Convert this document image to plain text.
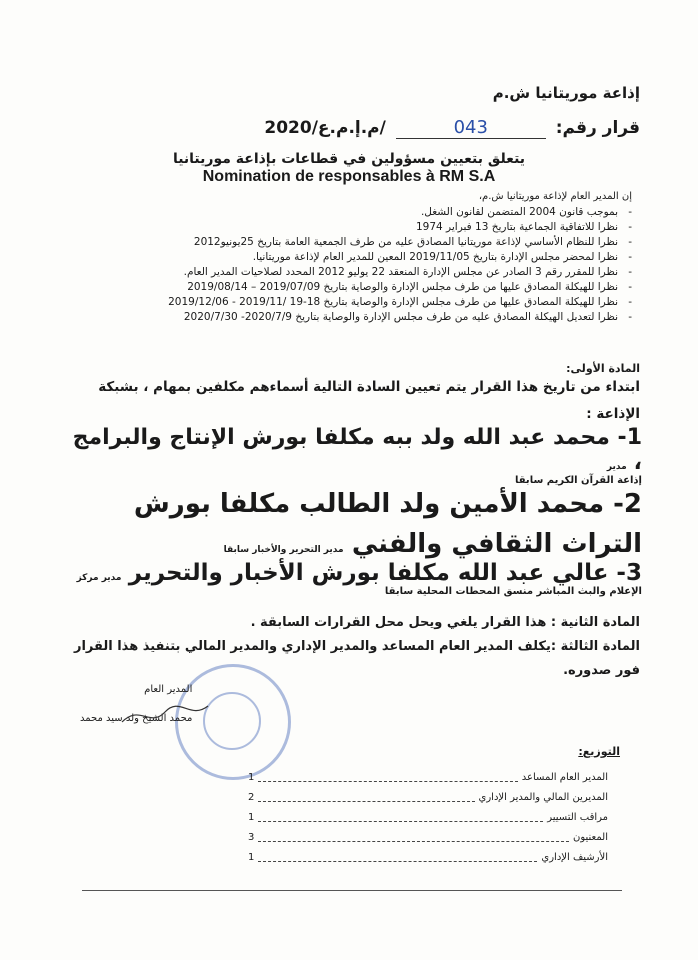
إذاعة موريتانيا ش.م
قرار رقم: 043 /م.إ.م.ع/2020
يتعلق بتعيين مسؤولين في قطاعات بإذاعة موريتانيا
Nomination de responsables à RM S.A
إن المدير العام لإذاعة موريتانيا ش.م،
- بموجب قانون 2004 المتضمن لقانون الشغل.
- نظرا للاتفاقية الجماعية بتاريخ 13 فبراير 1974
- نظرا للنظام الأساسي لإذاعة موريتانيا المصادق عليه من طرف الجمعية العامة بتاريخ 25يونيو2012
- نظرا لمحضر مجلس الإدارة بتاريخ 2019/11/05 المعين للمدير العام لإذاعة موريتانيا.
- نظرا للمقرر رقم 3 الصادر عن مجلس الإدارة المنعقد 22 يوليو 2012 المحدد لصلاحيات المدير العام.
- نظرا للهيكلة المصادق عليها من طرف مجلس الإدارة والوصاية بتاريخ 2019/07/09 – 2019/08/14
- نظرا للهيكلة المصادق عليها من طرف مجلس الإدارة والوصاية بتاريخ 18-19 /2019/11 - 2019/12/06
- نظرا لتعديل الهيكلة المصادق عليه من طرف مجلس الإدارة والوصاية بتاريخ 2020/7/9- 2020/7/30
المادة الأولى:
ابتداء من تاريخ هذا القرار يتم تعيين السادة التالية أسماءهم مكلفين بمهام ، بشبكة الإذاعة :
1- محمد عبد الله ولد ببه مكلفا بورش الإنتاج والبرامج ، مدير
إذاعة القرآن الكريم سابقا
2- محمد الأمين ولد الطالب مكلفا بورش التراث الثقافي والفني مدير التحرير والأخبار سابقا
3- عالي عبد الله مكلفا بورش الأخبار والتحرير مدير مركز
الإعلام والبث المباشر منسق المحطات المحلية سابقا
المادة الثانية : هذا القرار يلغي ويحل محل القرارات السابقة .
المادة الثالثة :يكلف المدير العام المساعد والمدير الإداري والمدير المالي بتنفيذ هذا القرار فور صدوره.
المدير العام
محمد الشيخ ولد سيد محمد
التوزيع:
المدير العام المساعد
1
المديرين المالي والمدير الإداري
2
مراقب التسيير
1
المعنيون
3
الأرشيف الإداري
1
